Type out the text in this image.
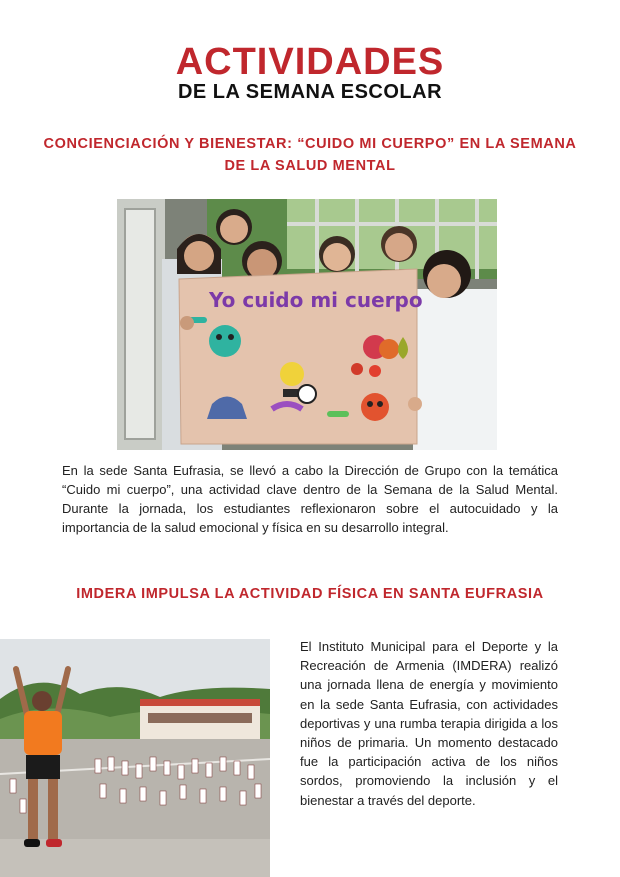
ACTIVIDADES
DE LA SEMANA ESCOLAR
CONCIENCIACIÓN Y BIENESTAR: “CUIDO MI CUERPO” EN LA SEMANA DE LA SALUD MENTAL
Yo cuido mi cuerpo
En la sede Santa Eufrasia, se llevó a cabo la Dirección de Grupo con la temática “Cuido mi cuerpo”, una actividad clave dentro de la Semana de la Salud Mental. Durante la jornada, los estudiantes reflexionaron sobre el autocuidado y la importancia de la salud emocional y física en su desarrollo integral.
IMDERA IMPULSA LA ACTIVIDAD FÍSICA EN SANTA EUFRASIA
El Instituto Municipal para el Deporte y la Recreación de Armenia (IMDERA) realizó una jornada llena de energía y movimiento en la sede Santa Eufrasia, con actividades deportivas y una rumba terapia dirigida a los niños de primaria. Un momento destacado fue la participación activa de los niños sordos, promoviendo la inclusión y el bienestar a través del deporte.
